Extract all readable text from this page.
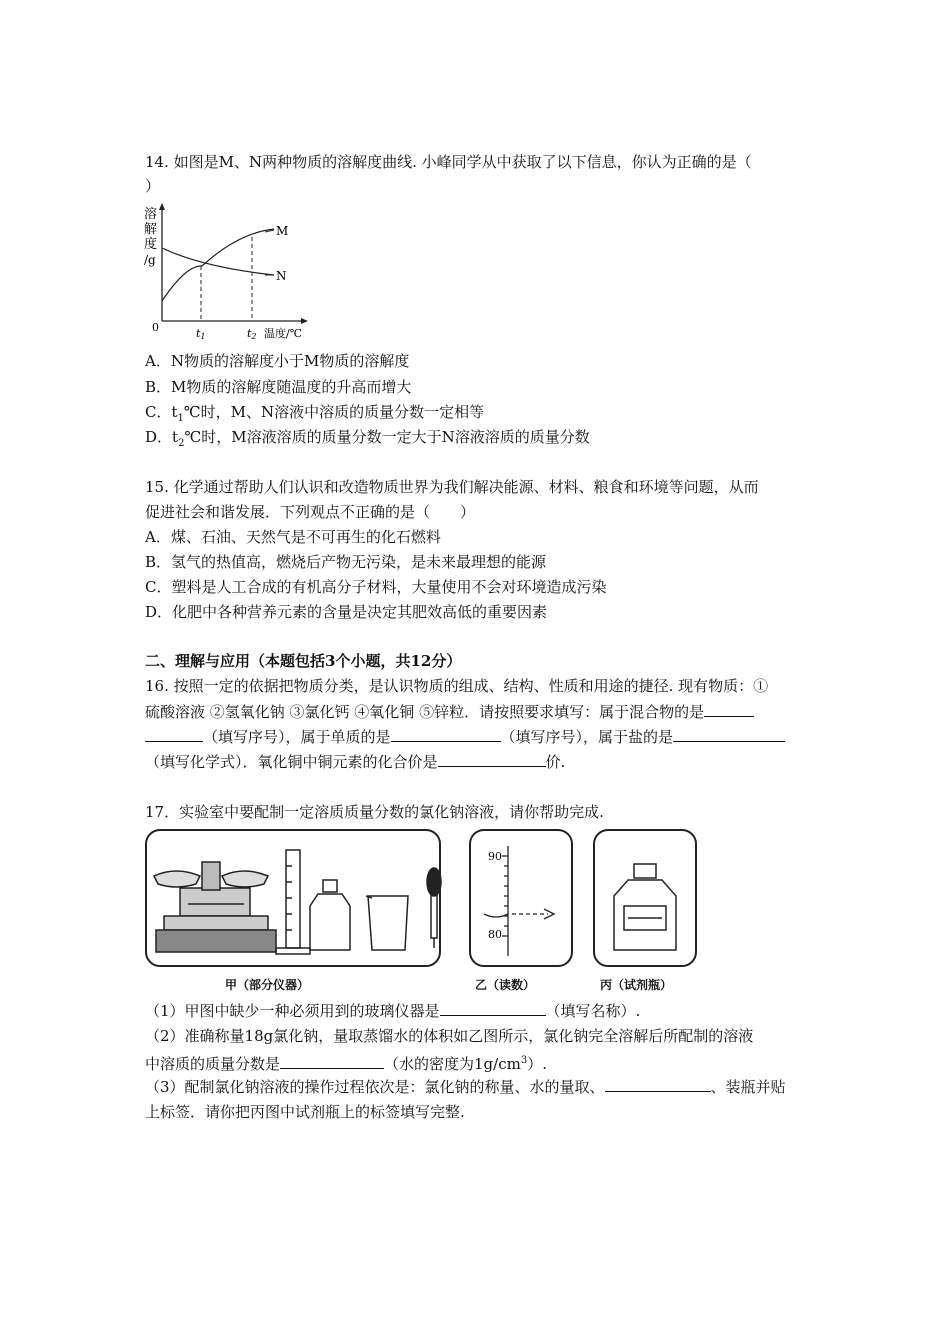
14. 如图是M、N两种物质的溶解度曲线. 小峰同学从中获取了以下信息，你认为正确的是（
）
溶
解
度
/g
0
M
N
t1	t2 温度/℃
A．N物质的溶解度小于M物质的溶解度
B．M物质的溶解度随温度的升高而增大
C．$t_1℃$时，M、N溶液中溶质的质量分数一定相等
D．$t_2℃$时，M溶液溶质的质量分数一定大于N溶液溶质的质量分数
15. 化学通过帮助人们认识和改造物质世界为我们解决能源、材料、粮食和环境等问题，从而
促进社会和谐发展．下列观点不正确的是（　　）
A．煤、石油、天然气是不可再生的化石燃料
B．氢气的热值高，燃烧后产物无污染，是未来最理想的能源
C．塑料是人工合成的有机高分子材料，大量使用不会对环境造成污染
D．化肥中各种营养元素的含量是决定其肥效高低的重要因素
二、理解与应用（本题包括3个小题，共12分）
16. 按照一定的依据把物质分类，是认识物质的组成、结构、性质和用途的捷径. 现有物质：①
硫酸溶液 ②氢氧化钠 ③氯化钙 ④氧化铜 ⑤锌粒．请按照要求填写：属于混合物的是
（填写序号），属于单质的是	（填写序号），属于盐的是
（填写化学式）．氧化铜中铜元素的化合价是	价.
17．实验室中要配制一定溶质质量分数的氯化钠溶液，请你帮助完成.
90
80
甲（部分仪器）	乙（读数）	丙（试剂瓶）
（1）甲图中缺少一种必须用到的玻璃仪器是	（填写名称）.
（2）准确称量18g氯化钠，量取蒸馏水的体积如乙图所示，氯化钠完全溶解后所配制的溶液
中溶质的质量分数是	（水的密度为$1g/cm^3$）.
（3）配制氯化钠溶液的操作过程依次是：氯化钠的称量、水的量取、	、装瓶并贴
上标签．请你把丙图中试剂瓶上的标签填写完整.
